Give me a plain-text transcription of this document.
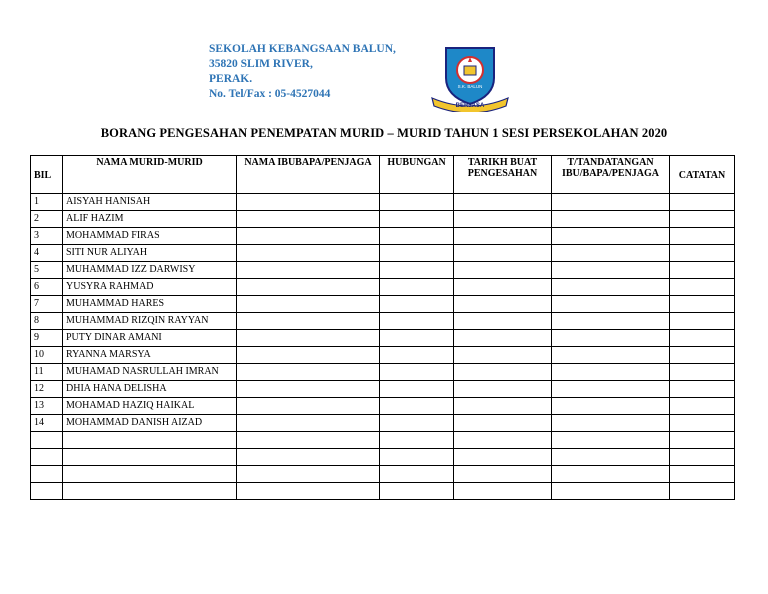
SEKOLAH KEBANGSAAN BALUN,
35820 SLIM RIVER,
PERAK.
No. Tel/Fax : 05-4527044
S.K. BALUN
BERJASA
BORANG PENGESAHAN PENEMPATAN MURID – MURID TAHUN 1 SESI PERSEKOLAHAN 2020
BIL	NAMA MURID-MURID	NAMA IBUBAPA/PENJAGA	HUBUNGAN	TARIKH BUAT PENGESAHAN	T/TANDATANGAN IBU/BAPA/PENJAGA	CATATAN
1	AISYAH HANISAH					
2	ALIF HAZIM					
3	MOHAMMAD FIRAS					
4	SITI NUR ALIYAH					
5	MUHAMMAD IZZ DARWISY					
6	YUSYRA RAHMAD					
7	MUHAMMAD HARES					
8	MUHAMMAD RIZQIN RAYYAN					
9	PUTY DINAR AMANI					
10	RYANNA MARSYA					
11	MUHAMAD NASRULLAH IMRAN					
12	DHIA HANA DELISHA					
13	MOHAMAD HAZIQ HAIKAL					
14	MOHAMMAD DANISH AIZAD					
